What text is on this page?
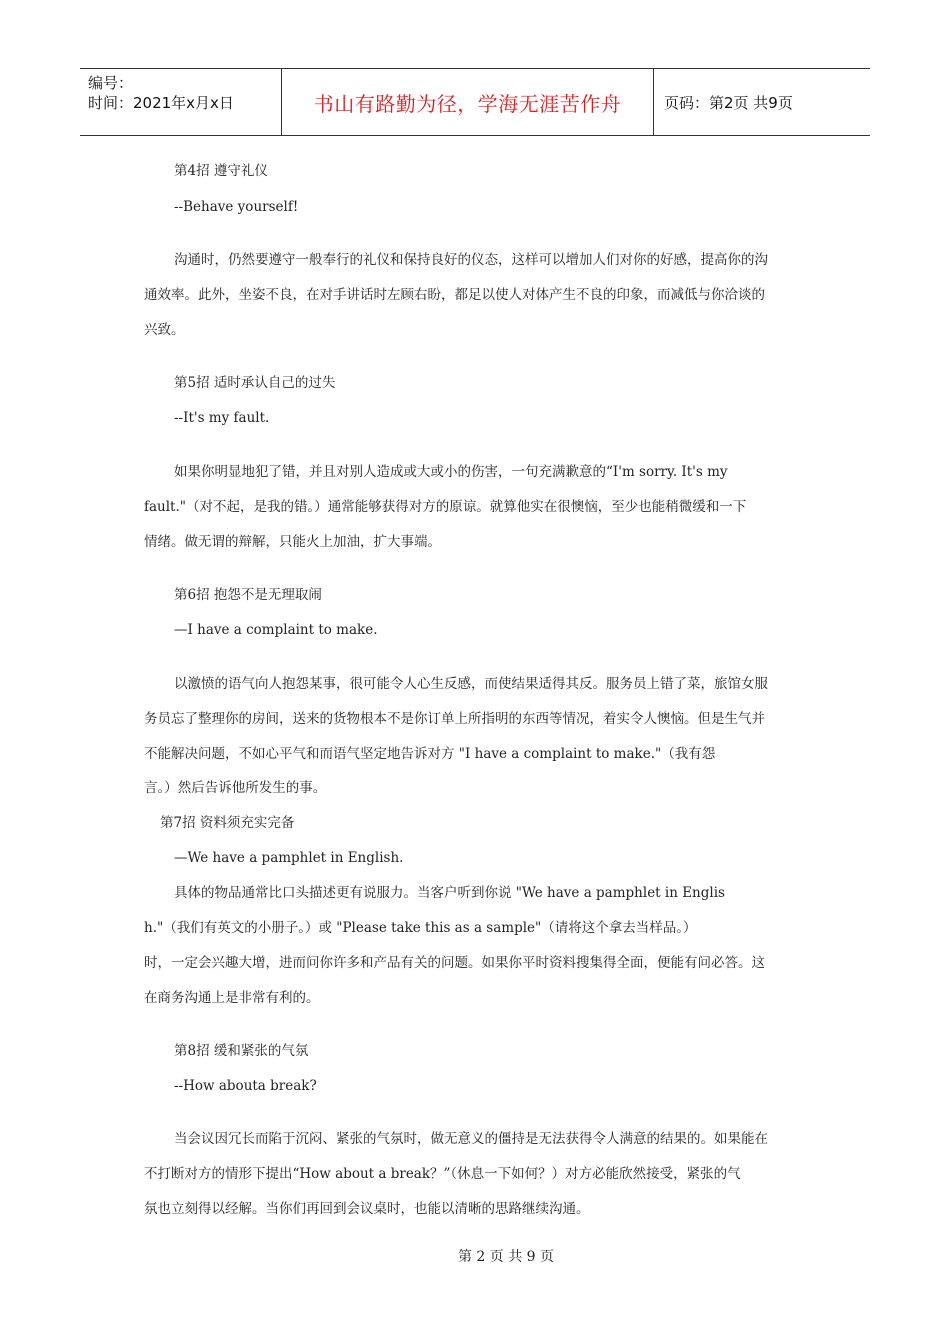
编号：
时间：2021年x月x日	书山有路勤为径，学海无涯苦作舟	页码：第2页 共9页
第4招 遵守礼仪
--Behave yourself!
沟通时，仍然要遵守一般奉行的礼仪和保持良好的仪态，这样可以增加人们对你的好感，提高你的沟
通效率。此外，坐姿不良，在对手讲话时左顾右盼，都足以使人对体产生不良的印象，而减低与你洽谈的
兴致。
第5招 适时承认自己的过失
--It's my fault.
如果你明显地犯了错，并且对别人造成或大或小的伤害，一句充满歉意的“I'm sorry. It's my
fault."（对不起，是我的错。）通常能够获得对方的原谅。就算他实在很懊恼，至少也能稍微缓和一下
情绪。做无谓的辩解，只能火上加油，扩大事端。
第6招 抱怨不是无理取闹
—I have a complaint to make.
以激愤的语气向人抱怨某事，很可能令人心生反感，而使结果适得其反。服务员上错了菜，旅馆女服
务员忘了整理你的房间，送来的货物根本不是你订单上所指明的东西等情况，着实令人懊恼。但是生气并
不能解决问题，不如心平气和而语气坚定地告诉对方 "I have a complaint to make."（我有怨
言。）然后告诉他所发生的事。
第7招 资料须充实完备
—We have a pamphlet in English.
具体的物品通常比口头描述更有说服力。当客户听到你说 "We have a pamphlet in Englis
h."（我们有英文的小册子。）或 "Please take this as a sample"（请将这个拿去当样品。）
时，一定会兴趣大增，进而问你许多和产品有关的问题。如果你平时资料搜集得全面，便能有问必答。这
在商务沟通上是非常有利的。
第8招 缓和紧张的气氛
--How abouta break?
当会议因冗长而陷于沉闷、紧张的气氛时，做无意义的僵持是无法获得令人满意的结果的。如果能在
不打断对方的情形下提出“How about a break？”（休息一下如何？）对方必能欣然接受，紧张的气
氛也立刻得以经解。当你们再回到会议桌时，也能以清晰的思路继续沟通。
第 2 页 共 9 页
